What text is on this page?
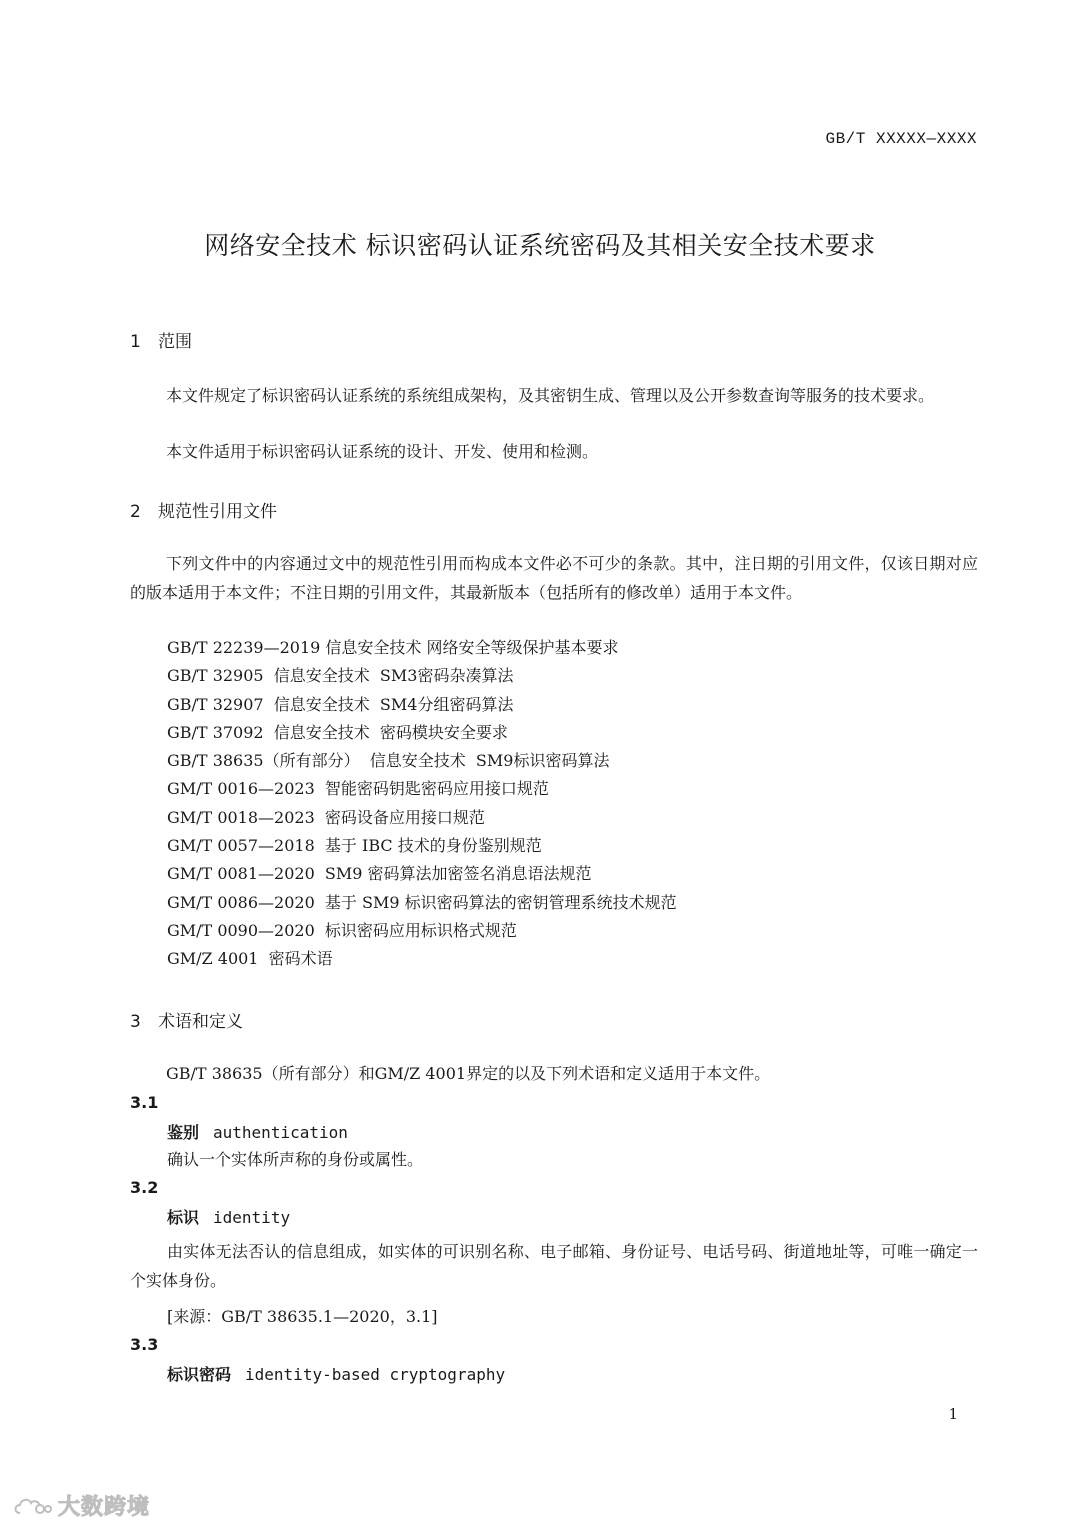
GB/T XXXXX—XXXX
网络安全技术 标识密码认证系统密码及其相关安全技术要求
1 范围
本文件规定了标识密码认证系统的系统组成架构，及其密钥生成、管理以及公开参数查询等服务的技术要求。
本文件适用于标识密码认证系统的设计、开发、使用和检测。
2 规范性引用文件
下列文件中的内容通过文中的规范性引用而构成本文件必不可少的条款。其中，注日期的引用文件，仅该日期对应的版本适用于本文件；不注日期的引用文件，其最新版本（包括所有的修改单）适用于本文件。
GB/T 22239—2019 信息安全技术 网络安全等级保护基本要求
GB/T 32905  信息安全技术  SM3密码杂凑算法
GB/T 32907  信息安全技术  SM4分组密码算法
GB/T 37092  信息安全技术  密码模块安全要求
GB/T 38635（所有部分）  信息安全技术  SM9标识密码算法
GM/T 0016—2023  智能密码钥匙密码应用接口规范
GM/T 0018—2023  密码设备应用接口规范
GM/T 0057—2018  基于 IBC 技术的身份鉴别规范
GM/T 0081—2020  SM9 密码算法加密签名消息语法规范
GM/T 0086—2020  基于 SM9 标识密码算法的密钥管理系统技术规范
GM/T 0090—2020  标识密码应用标识格式规范
GM/Z 4001  密码术语
3 术语和定义
GB/T 38635（所有部分）和GM/Z 4001界定的以及下列术语和定义适用于本文件。
3.1
鉴别 authentication
确认一个实体所声称的身份或属性。
3.2
标识 identity
由实体无法否认的信息组成，如实体的可识别名称、电子邮箱、身份证号、电话号码、街道地址等，可唯一确定一个实体身份。
[来源：GB/T 38635.1—2020，3.1]
3.3
标识密码 identity-based cryptography
1
大数跨境
